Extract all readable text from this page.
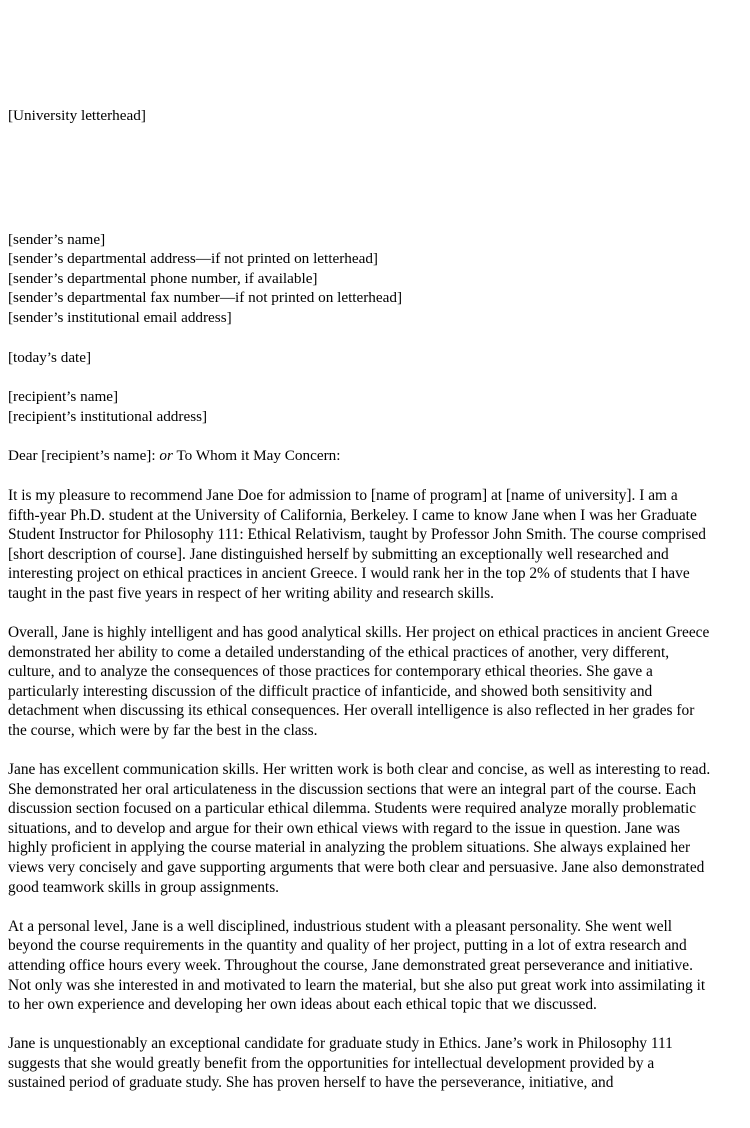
[University letterhead]
[sender’s name]
[sender’s departmental address—if not printed on letterhead]
[sender’s departmental phone number, if available]
[sender’s departmental fax number—if not printed on letterhead]
[sender’s institutional email address]
[today’s date]
[recipient’s name]
[recipient’s institutional address]
Dear [recipient’s name]: or To Whom it May Concern:

It is my pleasure to recommend Jane Doe for admission to [name of program] at [name of university]. I am a fifth-year Ph.D. student at the University of California, Berkeley. I came to know Jane when I was her Graduate Student Instructor for Philosophy 111: Ethical Relativism, taught by Professor John Smith. The course comprised [short description of course]. Jane distinguished herself by submitting an exceptionally well researched and interesting project on ethical practices in ancient Greece. I would rank her in the top 2% of students that I have taught in the past five years in respect of her writing ability and research skills.

Overall, Jane is highly intelligent and has good analytical skills. Her project on ethical practices in ancient Greece demonstrated her ability to come a detailed understanding of the ethical practices of another, very different, culture, and to analyze the consequences of those practices for contemporary ethical theories. She gave a particularly interesting discussion of the difficult practice of infanticide, and showed both sensitivity and detachment when discussing its ethical consequences. Her overall intelligence is also reflected in her grades for the course, which were by far the best in the class.

Jane has excellent communication skills. Her written work is both clear and concise, as well as interesting to read. She demonstrated her oral articulateness in the discussion sections that were an integral part of the course. Each discussion section focused on a particular ethical dilemma. Students were required analyze morally problematic situations, and to develop and argue for their own ethical views with regard to the issue in question. Jane was highly proficient in applying the course material in analyzing the problem situations. She always explained her views very concisely and gave supporting arguments that were both clear and persuasive. Jane also demonstrated good teamwork skills in group assignments.

At a personal level, Jane is a well disciplined, industrious student with a pleasant personality. She went well beyond the course requirements in the quantity and quality of her project, putting in a lot of extra research and attending office hours every week. Throughout the course, Jane demonstrated great perseverance and initiative. Not only was she interested in and motivated to learn the material, but she also put great work into assimilating it to her own experience and developing her own ideas about each ethical topic that we discussed.

Jane is unquestionably an exceptional candidate for graduate study in Ethics. Jane’s work in Philosophy 111 suggests that she would greatly benefit from the opportunities for intellectual development provided by a sustained period of graduate study. She has proven herself to have the perseverance, initiative, and
